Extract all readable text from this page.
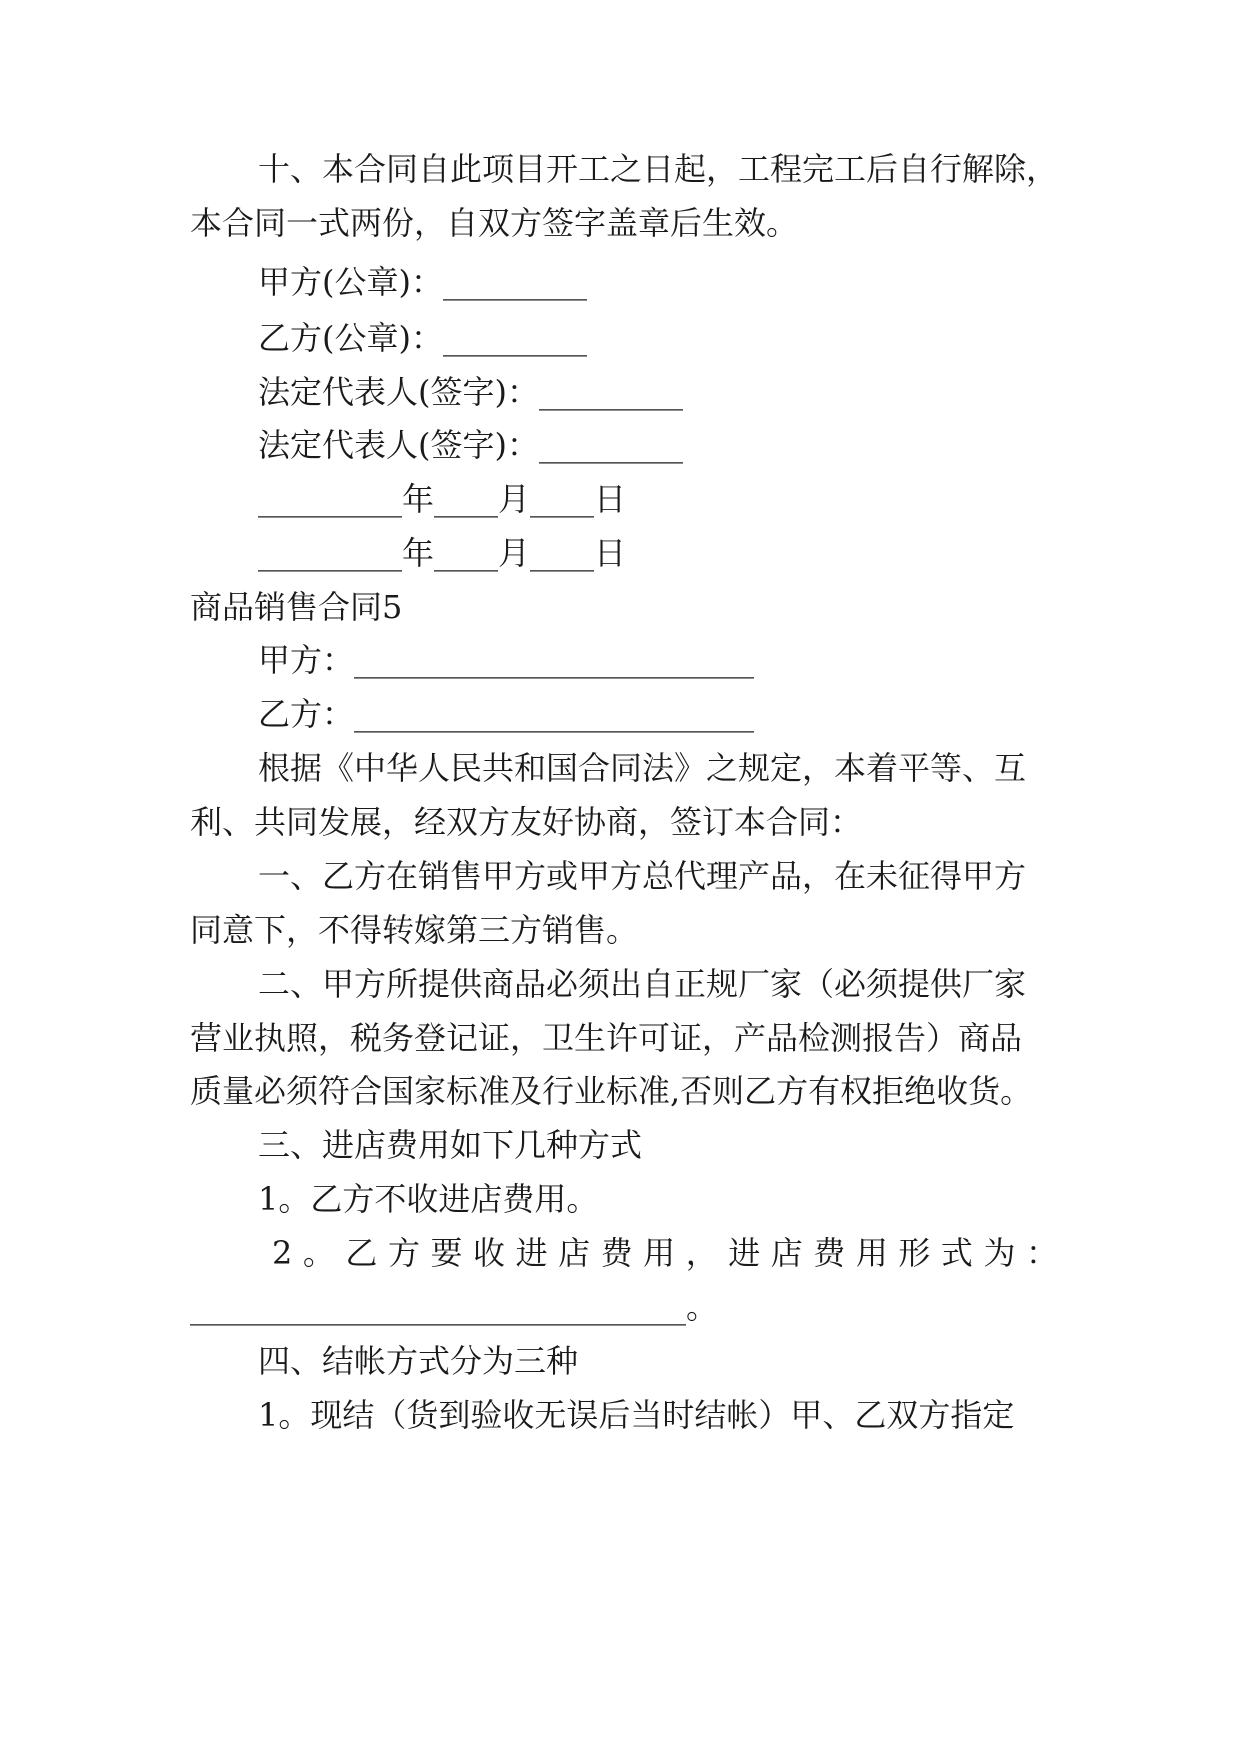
十、本合同自此项目开工之日起，工程完工后自行解除，
本合同一式两份，自双方签字盖章后生效。
甲方(公章)：_________
乙方(公章)：_________
法定代表人(签字)：_________
法定代表人(签字)：_________
_________年____月____日
_________年____月____日
商品销售合同5
甲方：_________________________
乙方：_________________________
根据《中华人民共和国合同法》之规定，本着平等、互
利、共同发展，经双方友好协商，签订本合同：
一、乙方在销售甲方或甲方总代理产品，在未征得甲方
同意下，不得转嫁第三方销售。
二、甲方所提供商品必须出自正规厂家（必须提供厂家
营业执照，税务登记证，卫生许可证，产品检测报告）商品
质量必须符合国家标准及行业标准,否则乙方有权拒绝收货。
三、进店费用如下几种方式
1。乙方不收进店费用。
2。乙方要收进店费用，进店费用形式为：
_______________________________。
四、结帐方式分为三种
1。现结（货到验收无误后当时结帐）甲、乙双方指定
